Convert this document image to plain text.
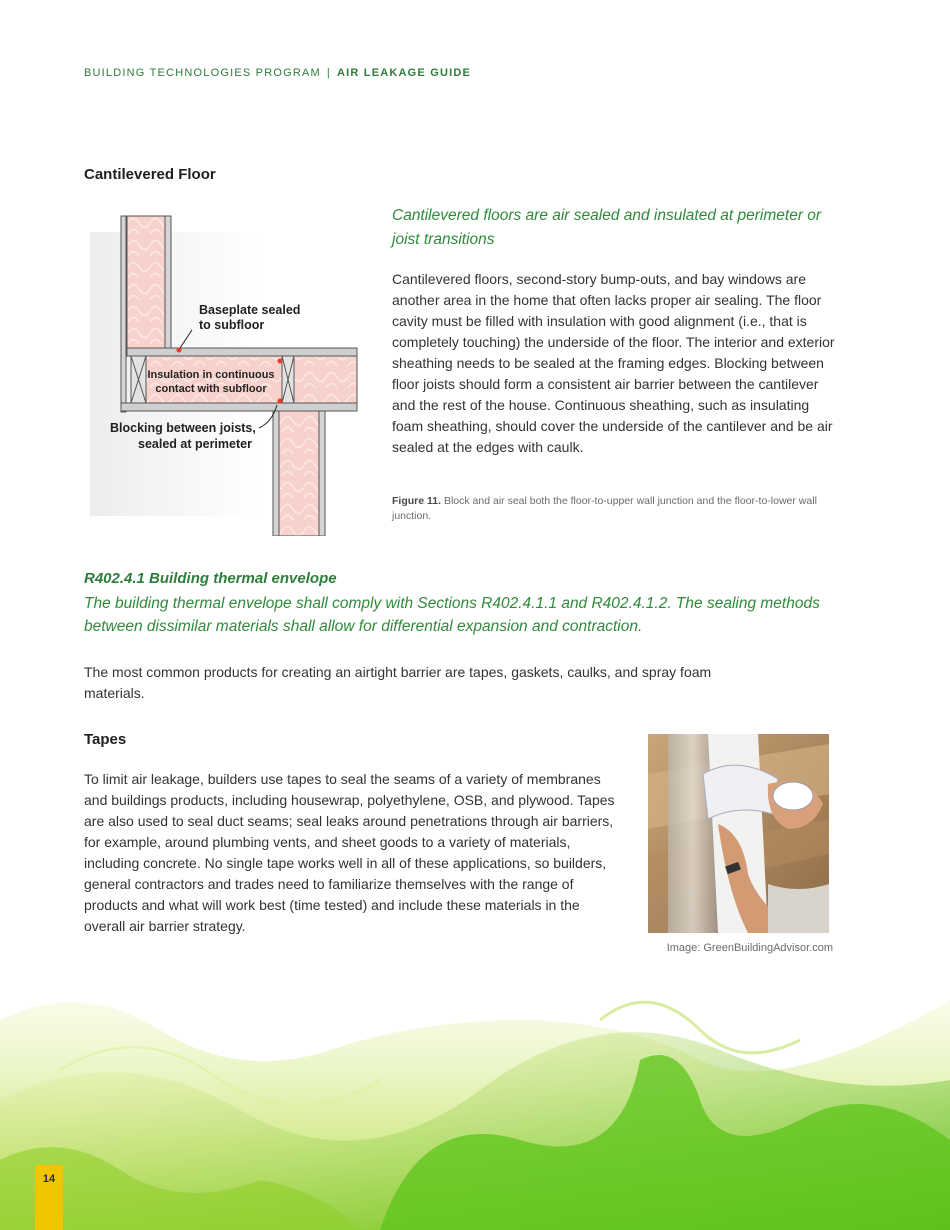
BUILDING TECHNOLOGIES PROGRAM | AIR LEAKAGE GUIDE
Cantilevered Floor
Baseplate sealed
to subfloor
Insulation in continuous
contact with subfloor
Blocking between joists,
sealed at perimeter
Cantilevered floors are air sealed and insulated at perimeter or joist transitions
Cantilevered floors, second-story bump-outs, and bay windows are another area in the home that often lacks proper air sealing. The floor cavity must be filled with insulation with good alignment (i.e., that is completely touching) the underside of the floor. The interior and exterior sheathing needs to be sealed at the framing edges. Blocking between floor joists should form a consistent air barrier between the cantilever and the rest of the house. Continuous sheathing, such as insulating foam sheathing, should cover the underside of the cantilever and be air sealed at the edges with caulk.
Figure 11. Block and air seal both the floor-to-upper wall junction and the floor-to-lower wall junction.
R402.4.1 Building thermal envelope
The building thermal envelope shall comply with Sections R402.4.1.1 and R402.4.1.2. The sealing methods between dissimilar materials shall allow for differential expansion and contraction.
The most common products for creating an airtight barrier are tapes, gaskets, caulks, and spray foam materials.
Tapes
To limit air leakage, builders use tapes to seal the seams of a variety of membranes and buildings products, including housewrap, polyethylene, OSB, and plywood. Tapes are also used to seal duct seams; seal leaks around penetrations through air barriers, for example, around plumbing vents, and sheet goods to a variety of materials, including concrete. No single tape works well in all of these applications, so builders, general contractors and trades need to familiarize themselves with the range of products and what will work best (time tested) and include these materials in the overall air barrier strategy.
Image: GreenBuildingAdvisor.com
14
